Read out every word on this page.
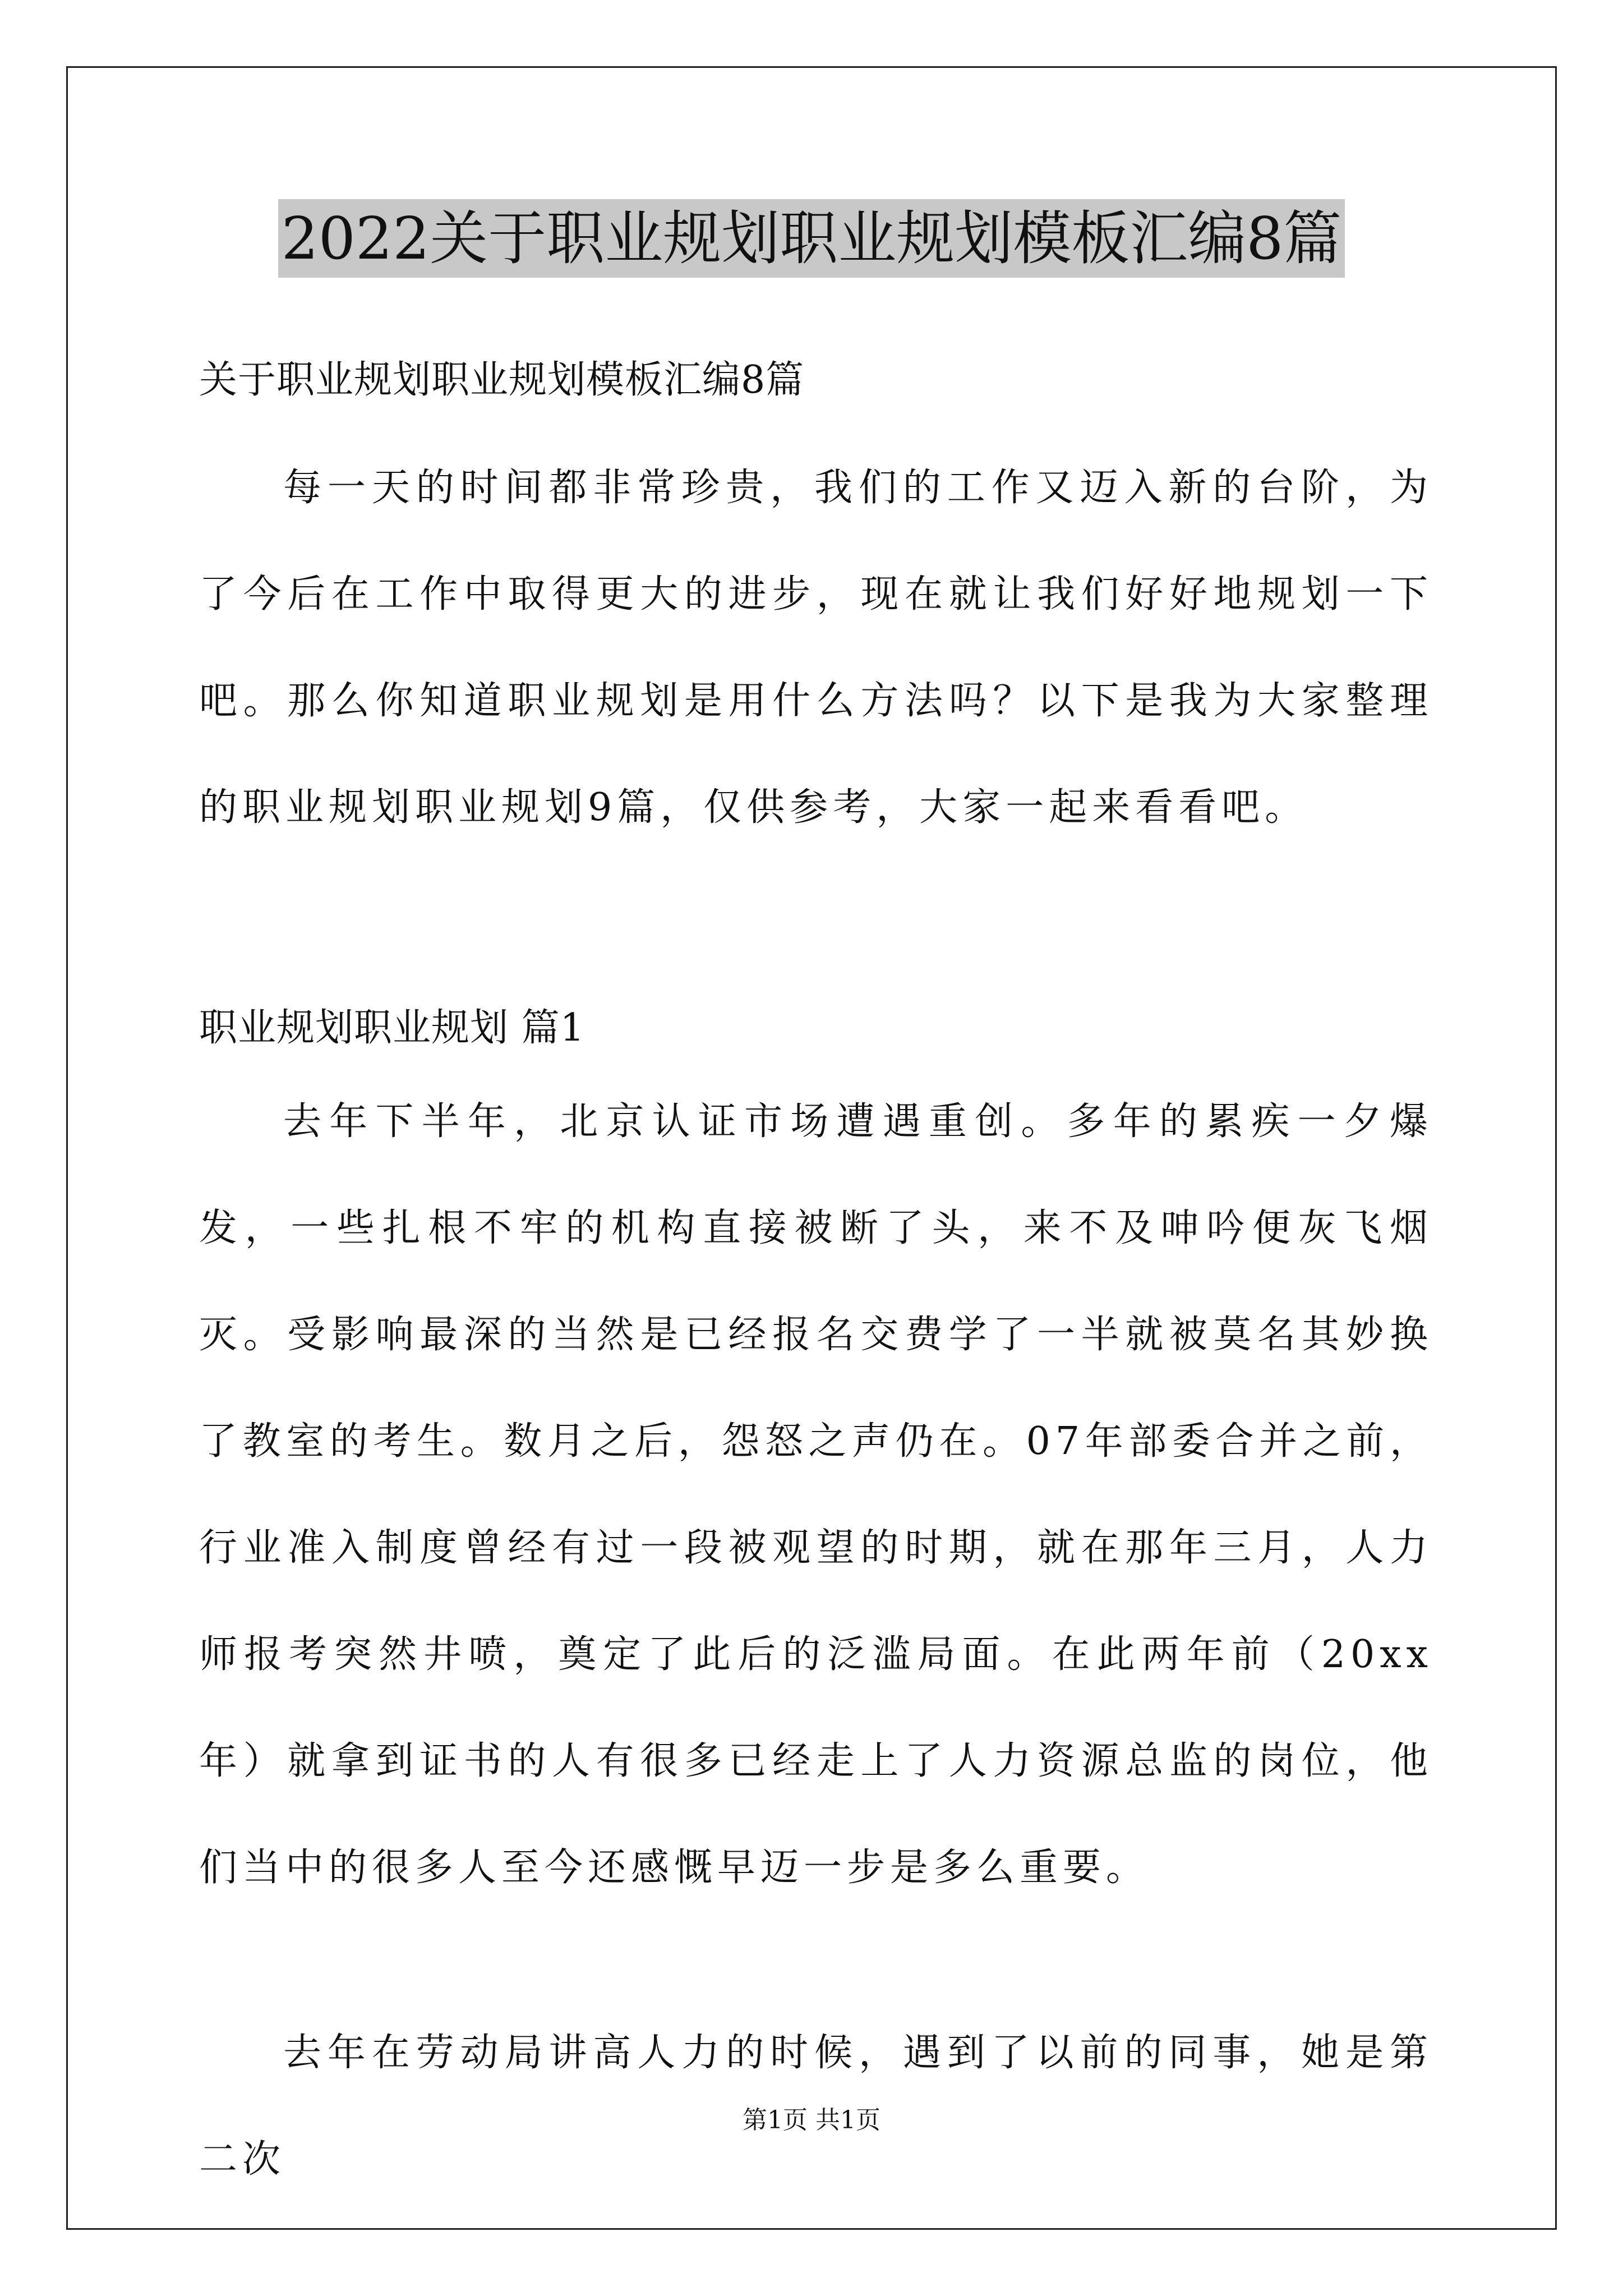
2022关于职业规划职业规划模板汇编8篇
关于职业规划职业规划模板汇编8篇

每一天的时间都非常珍贵，我们的工作又迈入新的台阶，为了今后在工作中取得更大的进步，现在就让我们好好地规划一下吧。那么你知道职业规划是用什么方法吗？以下是我为大家整理的职业规划职业规划9篇，仅供参考，大家一起来看看吧。

职业规划职业规划 篇1

去年下半年，北京认证市场遭遇重创。多年的累疾一夕爆发，一些扎根不牢的机构直接被断了头，来不及呻吟便灰飞烟灭。受影响最深的当然是已经报名交费学了一半就被莫名其妙换了教室的考生。数月之后，怨怒之声仍在。07年部委合并之前，行业准入制度曾经有过一段被观望的时期，就在那年三月，人力师报考突然井喷，奠定了此后的泛滥局面。在此两年前（20xx年）就拿到证书的人有很多已经走上了人力资源总监的岗位，他们当中的很多人至今还感慨早迈一步是多么重要。

去年在劳动局讲高人力的时候，遇到了以前的同事，她是第二次

第1页 共1页
